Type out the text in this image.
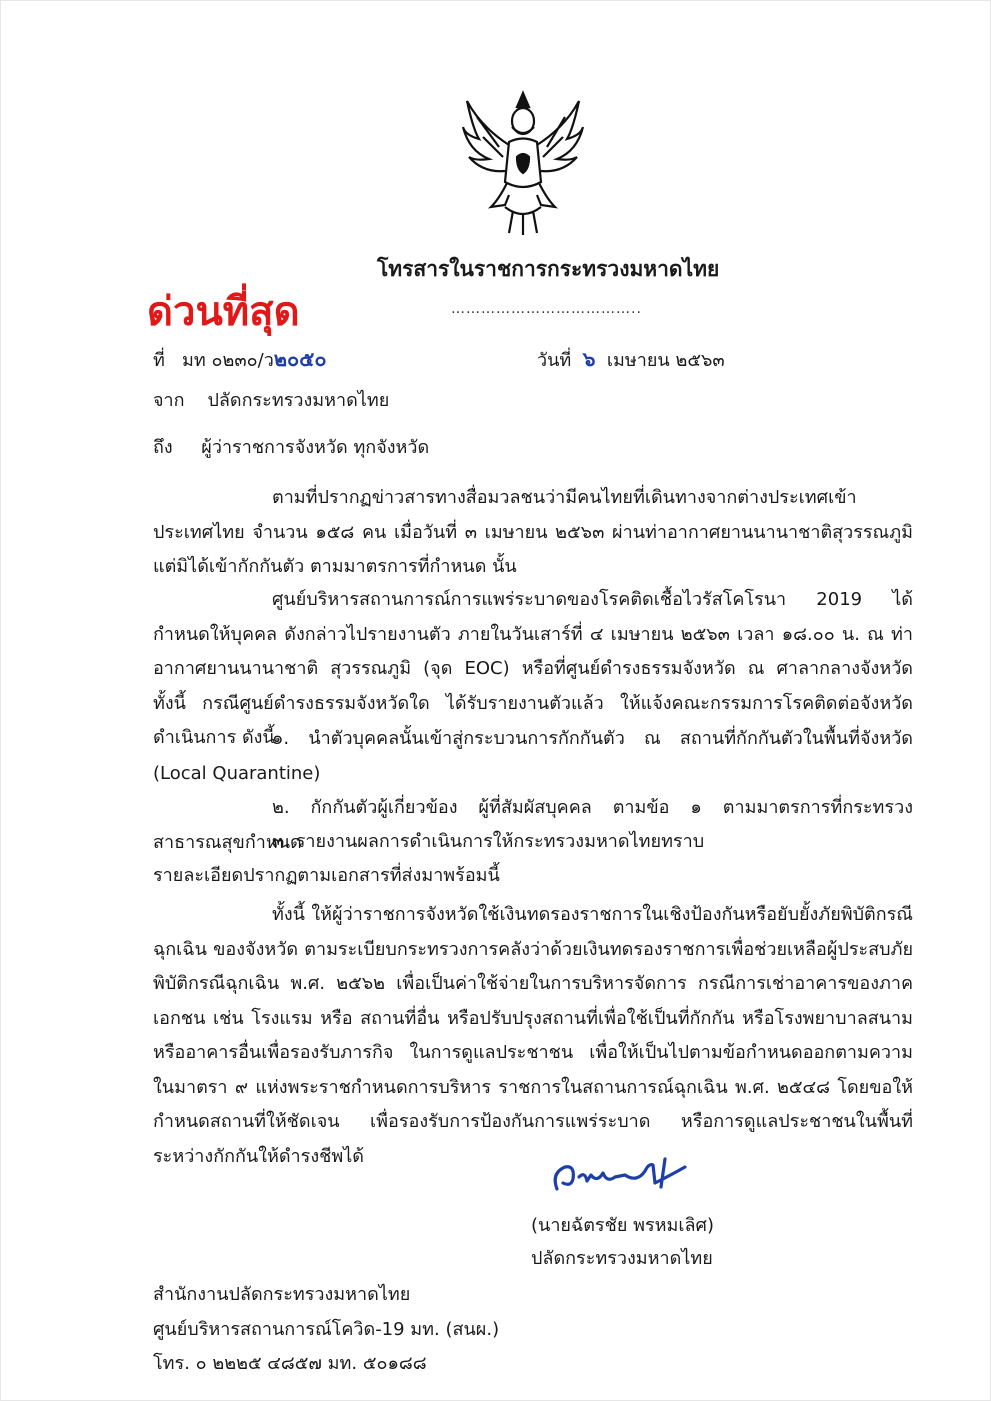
โทรสารในราชการกระทรวงมหาดไทย
ด่วนที่สุด	………………………………..
ที่ มท ๐๒๓๐/ว๒๐๕๐	วันที่ ๖ เมษายน ๒๕๖๓
จาก ปลัดกระทรวงมหาดไทย
ถึง ผู้ว่าราชการจังหวัด ทุกจังหวัด

ตามที่ปรากฏข่าวสารทางสื่อมวลชนว่ามีคนไทยที่เดินทางจากต่างประเทศเข้าประเทศไทย จำนวน ๑๕๘ คน เมื่อวันที่ ๓ เมษายน ๒๕๖๓ ผ่านท่าอากาศยานนานาชาติสุวรรณภูมิ แต่มิได้เข้ากักกันตัว ตามมาตรการที่กำหนด นั้น

ศูนย์บริหารสถานการณ์การแพร่ระบาดของโรคติดเชื้อไวรัสโคโรนา 2019 ได้กำหนดให้บุคคล ดังกล่าวไปรายงานตัว ภายในวันเสาร์ที่ ๔ เมษายน ๒๕๖๓ เวลา ๑๘.๐๐ น. ณ ท่าอากาศยานนานาชาติ สุวรรณภูมิ (จุด EOC) หรือที่ศูนย์ดำรงธรรมจังหวัด ณ ศาลากลางจังหวัด ทั้งนี้ กรณีศูนย์ดำรงธรรมจังหวัดใด ได้รับรายงานตัวแล้ว ให้แจ้งคณะกรรมการโรคติดต่อจังหวัดดำเนินการ ดังนี้

๑. นำตัวบุคคลนั้นเข้าสู่กระบวนการกักกันตัว ณ สถานที่กักกันตัวในพื้นที่จังหวัด (Local Quarantine)

๒. กักกันตัวผู้เกี่ยวข้อง ผู้ที่สัมผัสบุคคล ตามข้อ ๑ ตามมาตรการที่กระทรวงสาธารณสุขกำหนด

๓. รายงานผลการดำเนินการให้กระทรวงมหาดไทยทราบ

รายละเอียดปรากฏตามเอกสารที่ส่งมาพร้อมนี้

ทั้งนี้ ให้ผู้ว่าราชการจังหวัดใช้เงินทดรองราชการในเชิงป้องกันหรือยับยั้งภัยพิบัติกรณีฉุกเฉิน ของจังหวัด ตามระเบียบกระทรวงการคลังว่าด้วยเงินทดรองราชการเพื่อช่วยเหลือผู้ประสบภัยพิบัติกรณีฉุกเฉิน พ.ศ. ๒๕๖๒ เพื่อเป็นค่าใช้จ่ายในการบริหารจัดการ กรณีการเช่าอาคารของภาคเอกชน เช่น โรงแรม หรือ สถานที่อื่น หรือปรับปรุงสถานที่เพื่อใช้เป็นที่กักกัน หรือโรงพยาบาลสนาม หรืออาคารอื่นเพื่อรองรับภารกิจ ในการดูแลประชาชน เพื่อให้เป็นไปตามข้อกำหนดออกตามความในมาตรา ๙ แห่งพระราชกำหนดการบริหาร ราชการในสถานการณ์ฉุกเฉิน พ.ศ. ๒๕๔๘ โดยขอให้กำหนดสถานที่ให้ชัดเจน เพื่อรองรับการป้องกันการแพร่ระบาด หรือการดูแลประชาชนในพื้นที่ระหว่างกักกันให้ดำรงชีพได้

(นายฉัตรชัย พรหมเลิศ)
ปลัดกระทรวงมหาดไทย
สำนักงานปลัดกระทรวงมหาดไทย
ศูนย์บริหารสถานการณ์โควิด-19 มท. (สนผ.)
โทร. ๐ ๒๒๒๕ ๔๘๕๗ มท. ๕๐๑๘๘
